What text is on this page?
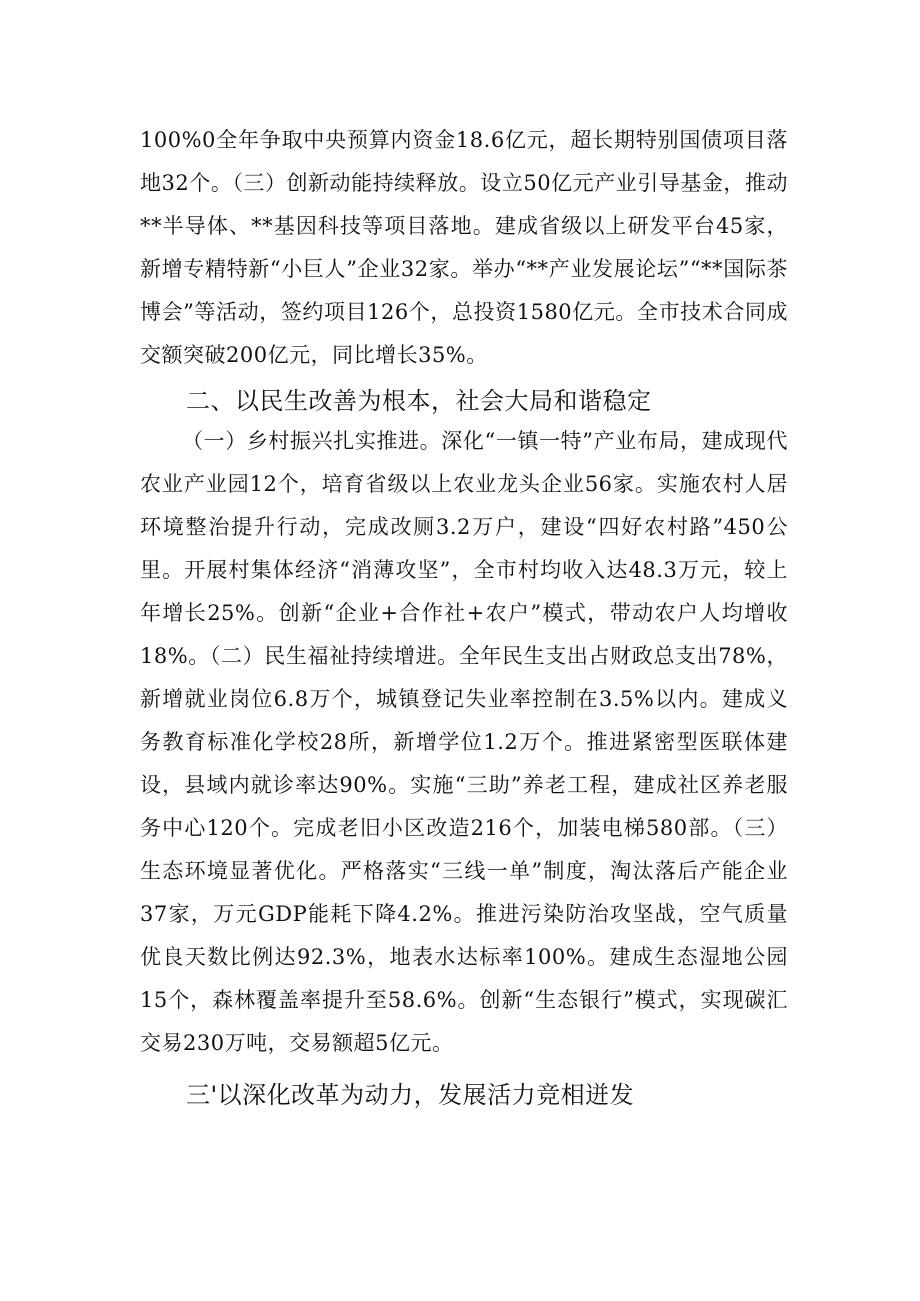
100%0全年争取中央预算内资金18.6亿元，超长期特别国债项目落地32个。（三）创新动能持续释放。设立50亿元产业引导基金，推动**半导体、**基因科技等项目落地。建成省级以上研发平台45家，新增专精特新“小巨人”企业32家。举办“**产业发展论坛”“**国际茶博会”等活动，签约项目126个，总投资1580亿元。全市技术合同成交额突破200亿元，同比增长35%。

二、以民生改善为根本，社会大局和谐稳定

（一）乡村振兴扎实推进。深化“一镇一特”产业布局，建成现代农业产业园12个，培育省级以上农业龙头企业56家。实施农村人居环境整治提升行动，完成改厕3.2万户，建设“四好农村路”450公里。开展村集体经济“消薄攻坚”，全市村均收入达48.3万元，较上年增长25%。创新“企业+合作社+农户”模式，带动农户人均增收18%。（二）民生福祉持续增进。全年民生支出占财政总支出78%，新增就业岗位6.8万个，城镇登记失业率控制在3.5%以内。建成义务教育标准化学校28所，新增学位1.2万个。推进紧密型医联体建设，县域内就诊率达90%。实施“三助”养老工程，建成社区养老服务中心120个。完成老旧小区改造216个，加装电梯580部。（三）生态环境显著优化。严格落实“三线一单”制度，淘汰落后产能企业37家，万元GDP能耗下降4.2%。推进污染防治攻坚战，空气质量优良天数比例达92.3%，地表水达标率100%。建成生态湿地公园15个，森林覆盖率提升至58.6%。创新“生态银行”模式，实现碳汇交易230万吨，交易额超5亿元。

三'以深化改革为动力，发展活力竞相迸发
